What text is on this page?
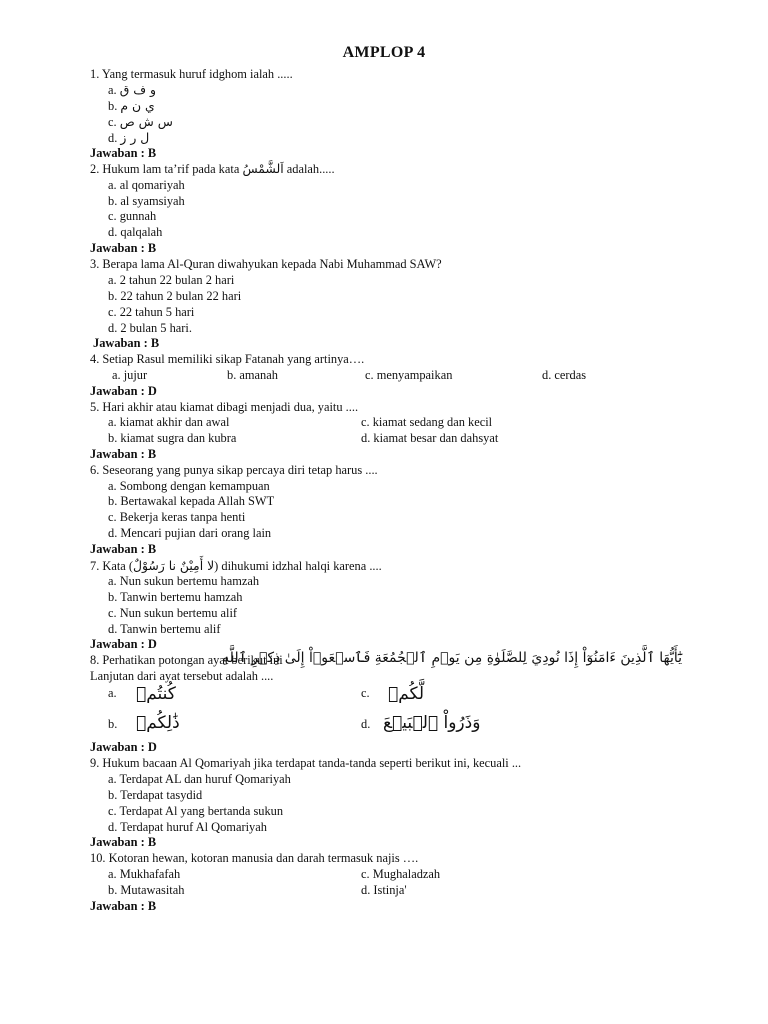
AMPLOP 4
1. Yang termasuk huruf idghom ialah .....
a. و ف ق
b. ي ن م
c. س ش ص
d. ل ر ز
Jawaban : B
2. Hukum lam ta’rif pada kata اَلشَّمْسُ adalah.....
a. al qomariyah
b. al syamsiyah
c. gunnah
d. qalqalah
Jawaban : B
3. Berapa lama Al-Quran diwahyukan kepada Nabi Muhammad SAW?
a. 2 tahun 22 bulan 2 hari
b. 22 tahun 2 bulan 22 hari
c. 22 tahun 5 hari
d. 2 bulan 5 hari.
Jawaban : B
4. Setiap Rasul memiliki sikap Fatanah yang artinya….
a. jujur	b. amanah	c. menyampaikan	d. cerdas
Jawaban : D
5. Hari akhir atau kiamat dibagi menjadi dua, yaitu ....
a. kiamat akhir dan awal	c. kiamat sedang dan kecil
b. kiamat sugra dan kubra	d. kiamat besar dan dahsyat
Jawaban : B
6. Seseorang yang punya sikap percaya diri tetap harus ....
a. Sombong dengan kemampuan
b. Bertawakal kepada Allah SWT
c. Bekerja keras tanpa henti
d. Mencari pujian dari orang lain
Jawaban : B
7. Kata (لا أَمِيْنٌ نا رَسُوْلٌ) dihukumi idzhal halqi karena ....
a. Nun sukun bertemu hamzah
b. Tanwin bertemu hamzah
c. Nun sukun bertemu alif
d. Tanwin bertemu alif
Jawaban : D
8. Perhatikan potongan ayat berikut ini
يَٰٓأَيُّهَا ٱلَّذِينَ ءَامَنُوٓاْ إِذَا نُودِيَ لِلصَّلَوٰةِ مِن يَوۡمِ ٱلۡجُمُعَةِ فَٱسۡعَوۡاْ إِلَىٰ ذِكۡرِ ٱللَّهِ
Lanjutan dari ayat tersebut adalah ....
a. كُنتُمۡ	c. لَّكُمۡ
b. ذَٰلِكُمۡ	d. وَذَرُواْ ٱلۡبَيۡعَ
Jawaban : D
9. Hukum bacaan Al Qomariyah jika terdapat tanda-tanda seperti berikut ini, kecuali ...
a. Terdapat AL dan huruf Qomariyah
b. Terdapat tasydid
c. Terdapat Al yang bertanda sukun
d. Terdapat huruf Al Qomariyah
Jawaban : B
10. Kotoran hewan, kotoran manusia dan darah termasuk najis ….
a. Mukhafafah	c. Mughaladzah
b. Mutawasitah	d. Istinja'
Jawaban : B
